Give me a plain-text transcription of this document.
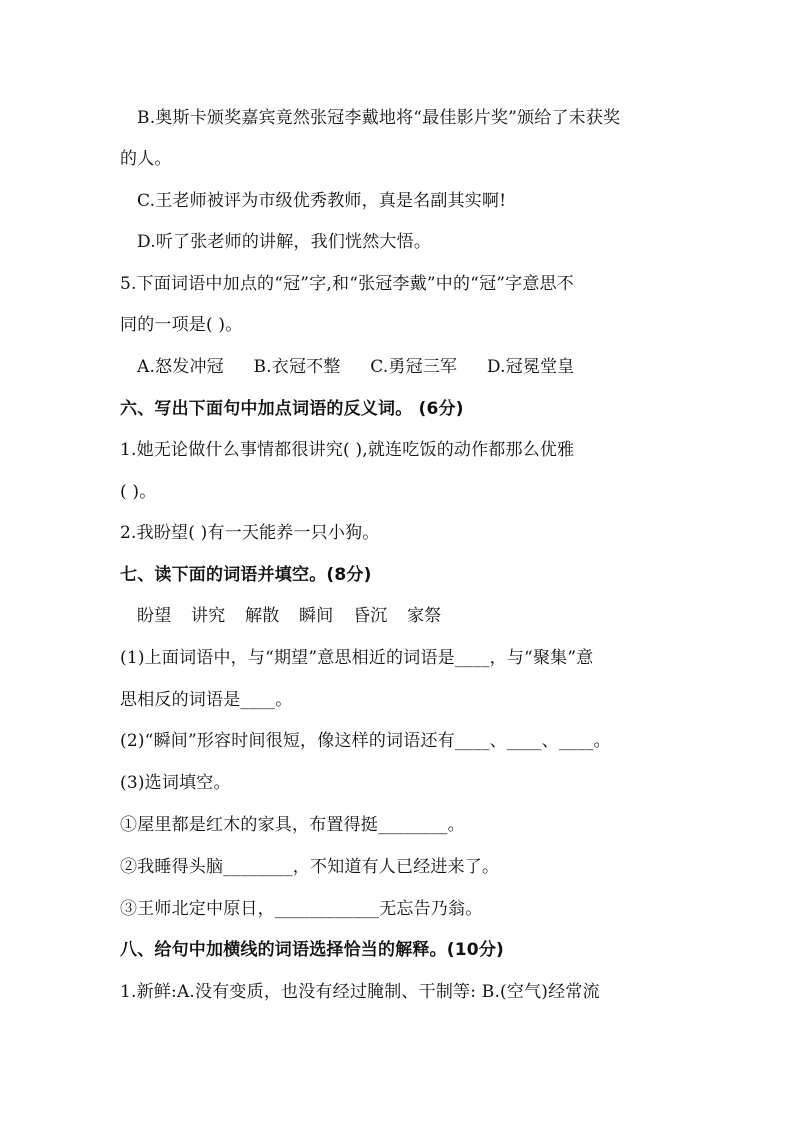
B.奥斯卡颁奖嘉宾竟然张冠李戴地将“最佳影片奖”颁给了未获奖
的人。
C.王老师被评为市级优秀教师，真是名副其实啊!
D.听了张老师的讲解，我们恍然大悟。
5.下面词语中加点的“冠”字,和“张冠李戴”中的“冠”字意思不
同的一项是( )。
A.怒发冲冠 B.衣冠不整 C.勇冠三军 D.冠冕堂皇
六、写出下面句中加点词语的反义词。 (6分)
1.她无论做什么事情都很讲究( ),就连吃饭的动作都那么优雅
( )。
2.我盼望( )有一天能养一只小狗。
七、读下面的词语并填空。(8分)
盼望 讲究 解散 瞬间 昏沉 家祭
(1)上面词语中，与“期望”意思相近的词语是____，与“聚集”意
思相反的词语是____。
(2)“瞬间”形容时间很短，像这样的词语还有____、____、____。
(3)选词填空。
①屋里都是红木的家具，布置得挺________。
②我睡得头脑________，不知道有人已经进来了。
③王师北定中原日，____________无忘告乃翁。
八、给句中加横线的词语选择恰当的解释。(10分)
1.新鲜:A.没有变质，也没有经过腌制、干制等: B.(空气)经常流
